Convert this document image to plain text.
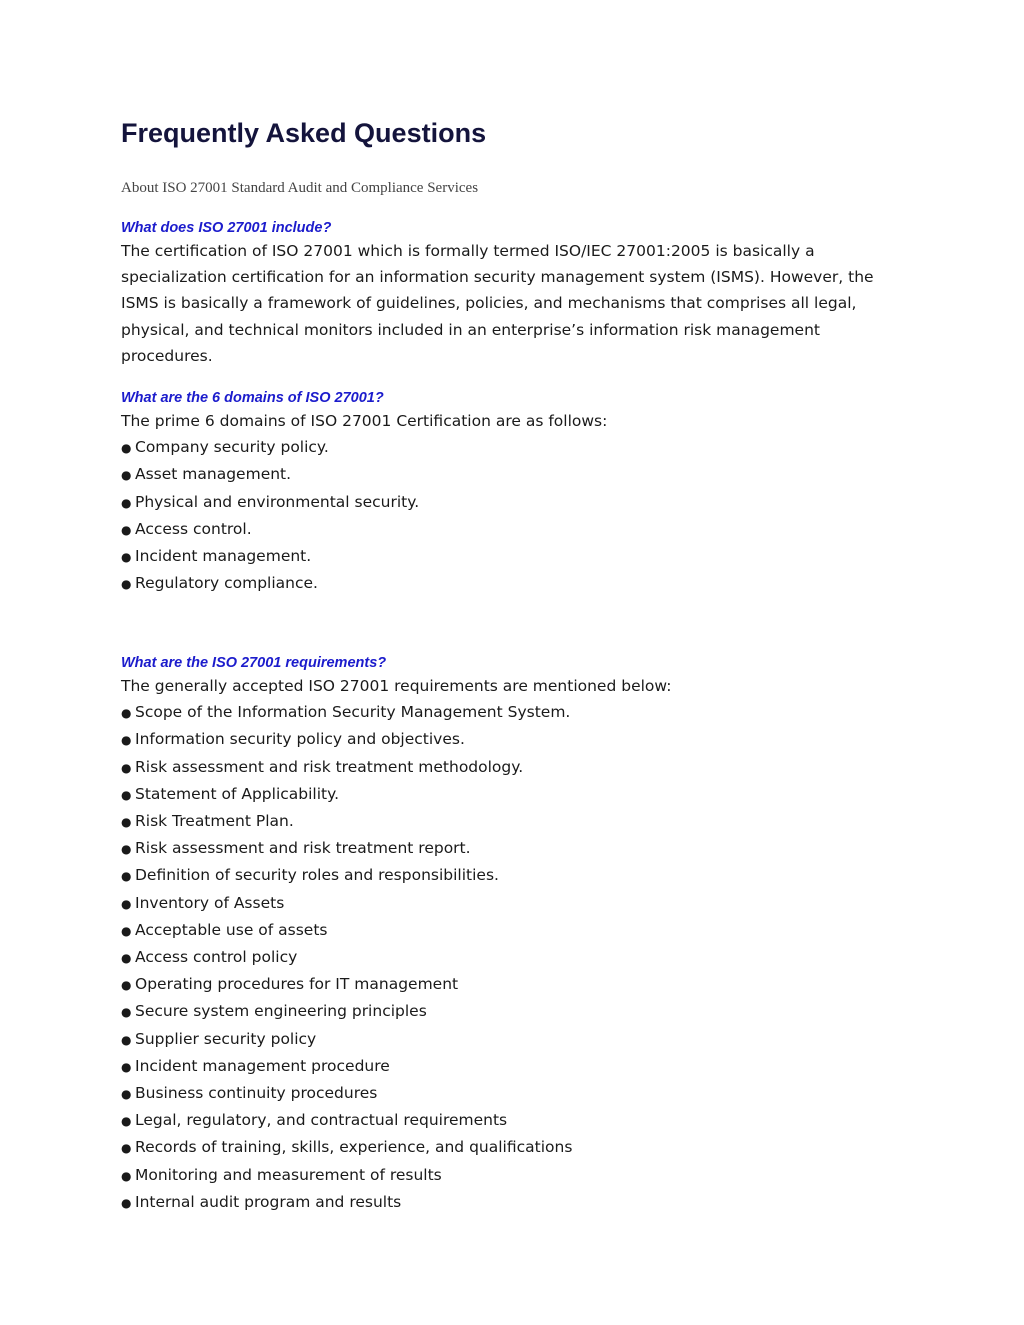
Frequently Asked Questions

About ISO 27001 Standard Audit and Compliance Services

What does ISO 27001 include?

The certification of ISO 27001 which is formally termed ISO/IEC 27001:2005 is basically a specialization certification for an information security management system (ISMS). However, the ISMS is basically a framework of guidelines, policies, and mechanisms that comprises all legal, physical, and technical monitors included in an enterprise’s information risk management procedures.

What are the 6 domains of ISO 27001?

The prime 6 domains of ISO 27001 Certification are as follows:

● Company security policy.
● Asset management.
● Physical and environmental security.
● Access control.
● Incident management.
● Regulatory compliance.

What are the ISO 27001 requirements?

The generally accepted ISO 27001 requirements are mentioned below:

● Scope of the Information Security Management System.
● Information security policy and objectives.
● Risk assessment and risk treatment methodology.
● Statement of Applicability.
● Risk Treatment Plan.
● Risk assessment and risk treatment report.
● Definition of security roles and responsibilities.
● Inventory of Assets
● Acceptable use of assets
● Access control policy
● Operating procedures for IT management
● Secure system engineering principles
● Supplier security policy
● Incident management procedure
● Business continuity procedures
● Legal, regulatory, and contractual requirements
● Records of training, skills, experience, and qualifications
● Monitoring and measurement of results
● Internal audit program and results
